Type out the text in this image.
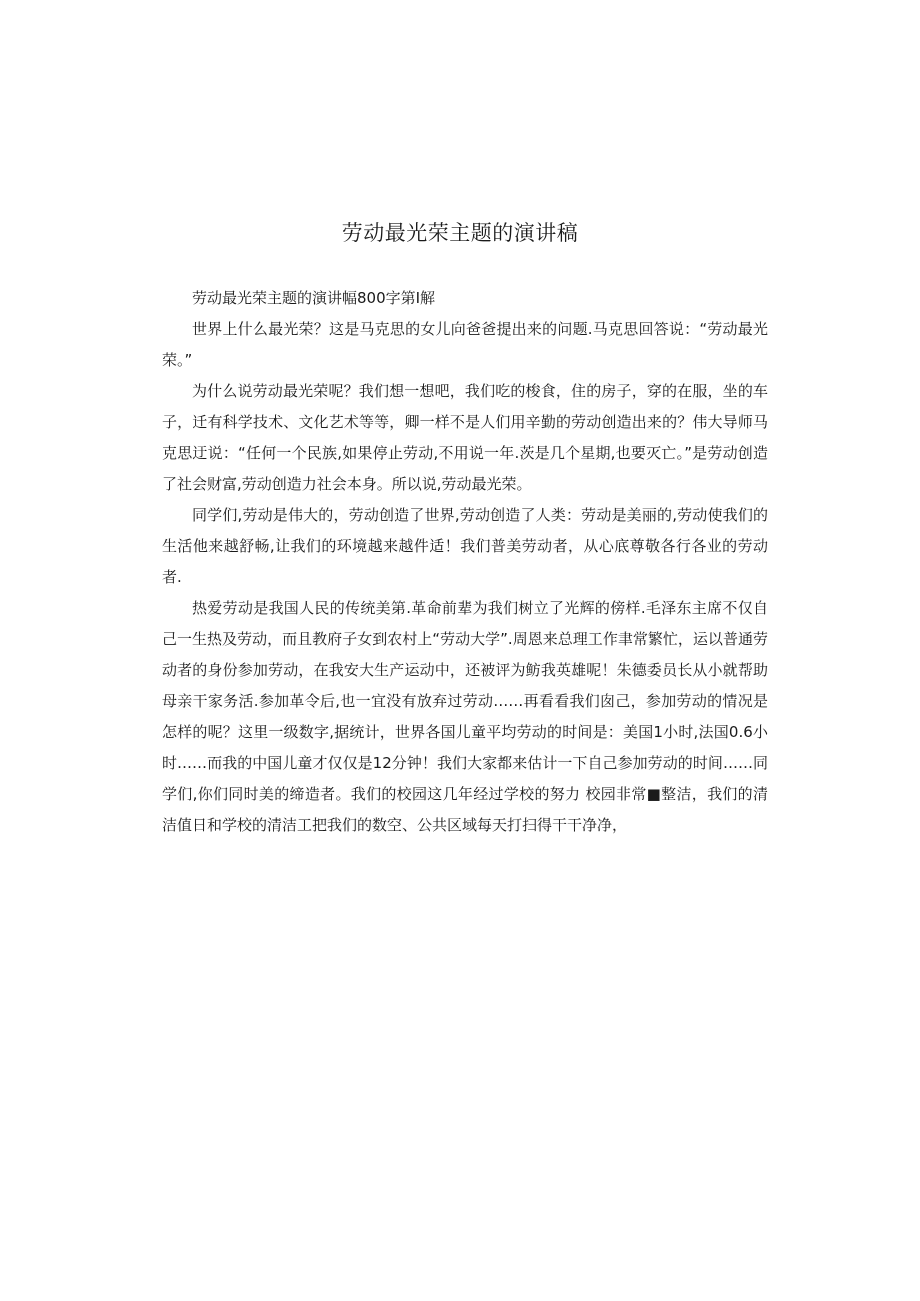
劳动最光荣主题的演讲稿

劳动最光荣主题的演讲幅800字第I解

世界上什么最光荣？这是马克思的女儿向爸爸提出来的问题.马克思回答说：“劳动最光荣。”

为什么说劳动最光荣呢？我们想一想吧，我们吃的梭食，住的房子，穿的在服，坐的车子，迁有科学技术、文化艺术等等，卿一样不是人们用辛勤的劳动创造出来的？伟大导师马克思迂说：“任何一个民族,如果停止劳动,不用说一年.茨是几个星期,也要灭亡。”是劳动创造了社会财富,劳动创造力社会本身。所以说,劳动最光荣。

同学们,劳动是伟大的，劳动创造了世界,劳动创造了人类：劳动是美丽的,劳动使我们的生活他来越舒畅,让我们的环境越来越件适！我们普美劳动者，从心底尊敬各行各业的劳动者.

热爱劳动是我国人民的传统美第.革命前辈为我们树立了光辉的傍样.毛泽东主席不仅自己一生热及劳动，而且教府子女到农村上“劳动大学”.周恩来总理工作聿常繁忙，运以普通劳动者的身份参加劳动，在我安大生产运动中，还被评为鲂我英雄呢！朱德委员长从小就帮助母亲干家务活.参加革令后,也一宜没有放弃过劳动……再看看我们囱己，参加劳动的情况是怎样的呢？这里一级数字,据统计，世界各国儿童平均劳动的时间是：美国1小时,法国0.6小时……而我的中国儿童才仅仅是12分钟！我们大家都来估计一下自己参加劳动的时间……同学们,你们同时美的缔造者。我们的校园这几年经过学校的努力 校园非常■整洁，我们的清洁值日和学校的清洁工把我们的数空、公共区域每天打扫得干干净净，
